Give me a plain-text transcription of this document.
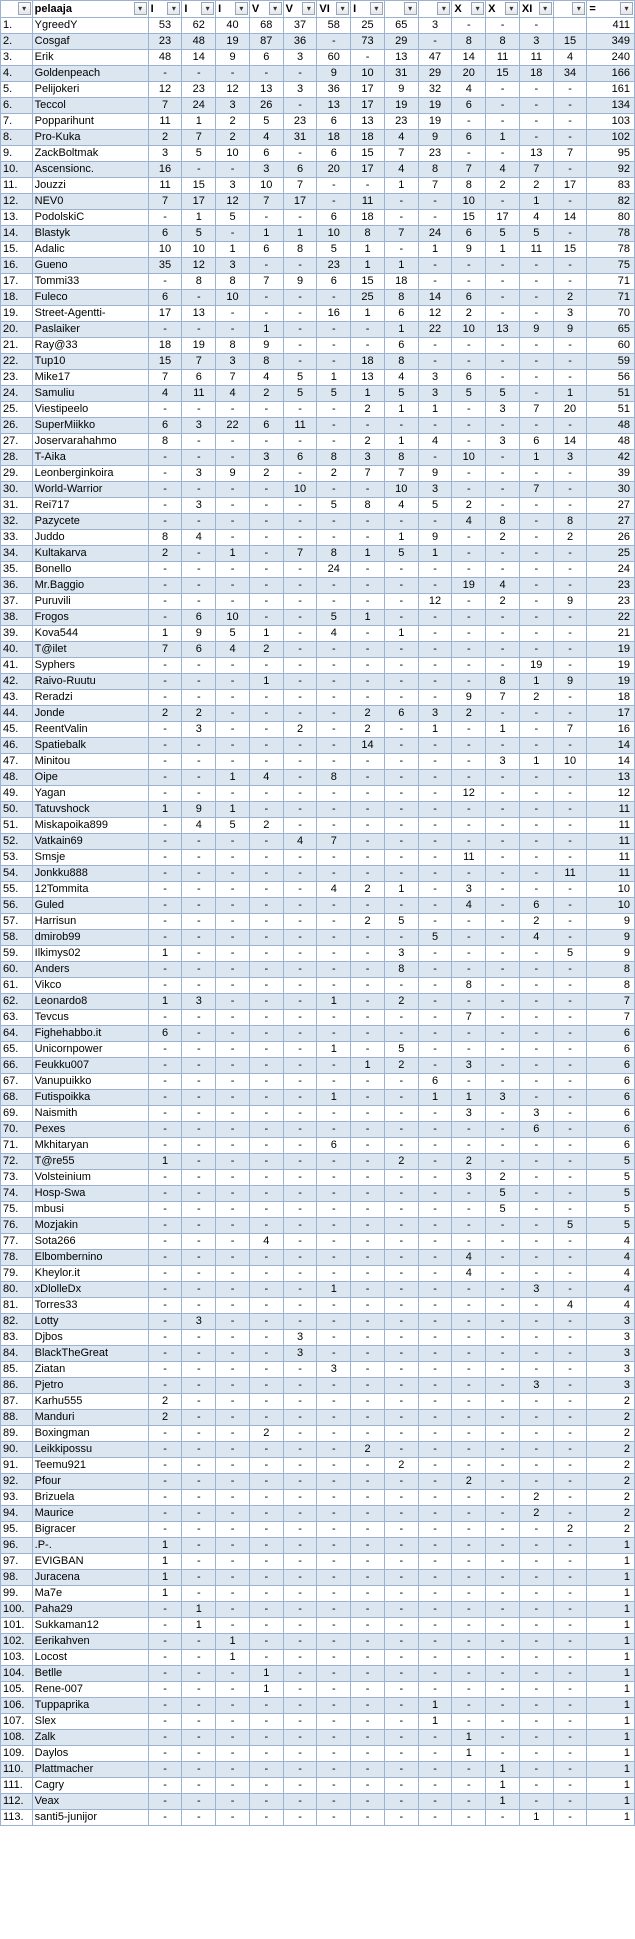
▾	pelaaja ▾	I ▾	I ▾	I ▾	V ▾	V ▾	VI ▾	I ▾	▾	▾	X ▾	X ▾	XI ▾	▾	= ▾

1.	YgreedY	53	62	40	68	37	58	25	65	3	-	-	-		411
2.	Cosgaf	23	48	19	87	36	-	73	29	-	8	8	3	15	349
3.	Erik	48	14	9	6	3	60	-	13	47	14	11	11	4	240
4.	Goldenpeach	-	-	-	-	-	9	10	31	29	20	15	18	34	166
5.	Pelijokeri	12	23	12	13	3	36	17	9	32	4	-	-	-	161
6.	Teccol	7	24	3	26	-	13	17	19	19	6	-	-	-	134
7.	Popparihunt	11	1	2	5	23	6	13	23	19	-	-	-	-	103
8.	Pro-Kuka	2	7	2	4	31	18	18	4	9	6	1	-	-	102
9.	ZackBoltmak	3	5	10	6	-	6	15	7	23	-	-	13	7	95
10.	Ascensionc.	16	-	-	3	6	20	17	4	8	7	4	7	-	92
11.	Jouzzi	11	15	3	10	7	-	-	1	7	8	2	2	17	83
12.	NEV0	7	17	12	7	17	-	11	-	-	10	-	1	-	82
13.	PodolskiC	-	1	5	-	-	6	18	-	-	15	17	4	14	80
14.	Blastyk	6	5	-	1	1	10	8	7	24	6	5	5	-	78
15.	Adalic	10	10	1	6	8	5	1	-	1	9	1	11	15	78
16.	Gueno	35	12	3	-	-	23	1	1	-	-	-	-	-	75
17.	Tommi33	-	8	8	7	9	6	15	18	-	-	-	-	-	71
18.	Fuleco	6	-	10	-	-	-	25	8	14	6	-	-	2	71
19.	Street-Agentti-	17	13	-	-	-	16	1	6	12	2	-	-	3	70
20.	Paslaiker	-	-	-	1	-	-	-	1	22	10	13	9	9	65
21.	Ray@33	18	19	8	9	-	-	-	6	-	-	-	-	-	60
22.	Tup10	15	7	3	8	-	-	18	8	-	-	-	-	-	59
23.	Mike17	7	6	7	4	5	1	13	4	3	6	-	-	-	56
24.	Samuliu	4	11	4	2	5	5	1	5	3	5	5	-	1	51
25.	Viestipeelo	-	-	-	-	-	-	2	1	1	-	3	7	20	51
26.	SuperMiikko	6	3	22	6	11	-	-	-	-	-	-	-	-	48
27.	Joservarahahmo	8	-	-	-	-	-	2	1	4	-	3	6	14	48
28.	T-Aika	-	-	-	3	6	8	3	8	-	10	-	1	3	42
29.	Leonberginkoira	-	3	9	2	-	2	7	7	9	-	-	-	-	39
30.	World-Warrior	-	-	-	-	10	-	-	10	3	-	-	7	-	30
31.	Rei717	-	3	-	-	-	5	8	4	5	2	-	-	-	27
32.	Pazycete	-	-	-	-	-	-	-	-	-	4	8	-	8	27
33.	Juddo	8	4	-	-	-	-	-	1	9	-	2	-	2	26
34.	Kultakarva	2	-	1	-	7	8	1	5	1	-	-	-	-	25
35.	Bonello	-	-	-	-	-	24	-	-	-	-	-	-	-	24
36.	Mr.Baggio	-	-	-	-	-	-	-	-	-	19	4	-	-	23
37.	Puruvili	-	-	-	-	-	-	-	-	12	-	2	-	9	23
38.	Frogos	-	6	10	-	-	5	1	-	-	-	-	-	-	22
39.	Kova544	1	9	5	1	-	4	-	1	-	-	-	-	-	21
40.	T@ilet	7	6	4	2	-	-	-	-	-	-	-	-	-	19
41.	Syphers	-	-	-	-	-	-	-	-	-	-	-	19	-	19
42.	Raivo-Ruutu	-	-	-	1	-	-	-	-	-	-	8	1	9	19
43.	Reradzi	-	-	-	-	-	-	-	-	-	9	7	2	-	18
44.	Jonde	2	2	-	-	-	-	2	6	3	2	-	-	-	17
45.	ReentValin	-	3	-	-	2	-	2	-	1	-	1	-	7	16
46.	Spatiebalk	-	-	-	-	-	-	14	-	-	-	-	-	-	14
47.	Minitou	-	-	-	-	-	-	-	-	-	-	3	1	10	14
48.	Oipe	-	-	1	4	-	8	-	-	-	-	-	-	-	13
49.	Yagan	-	-	-	-	-	-	-	-	-	12	-	-	-	12
50.	Tatuvshock	1	9	1	-	-	-	-	-	-	-	-	-	-	11
51.	Miskapoika899	-	4	5	2	-	-	-	-	-	-	-	-	-	11
52.	Vatkain69	-	-	-	-	4	7	-	-	-	-	-	-	-	11
53.	Smsje	-	-	-	-	-	-	-	-	-	11	-	-	-	11
54.	Jonkku888	-	-	-	-	-	-	-	-	-	-	-	-	11	11
55.	12Tommita	-	-	-	-	-	4	2	1	-	3	-	-	-	10
56.	Guled	-	-	-	-	-	-	-	-	-	4	-	6	-	10
57.	Harrisun	-	-	-	-	-	-	2	5	-	-	-	2	-	9
58.	dmirob99	-	-	-	-	-	-	-	-	5	-	-	4	-	9
59.	Ilkimys02	1	-	-	-	-	-	-	3	-	-	-	-	5	9
60.	Anders	-	-	-	-	-	-	-	8	-	-	-	-	-	8
61.	Vikco	-	-	-	-	-	-	-	-	-	8	-	-	-	8
62.	Leonardo8	1	3	-	-	-	1	-	2	-	-	-	-	-	7
63.	Tevcus	-	-	-	-	-	-	-	-	-	7	-	-	-	7
64.	Fighehabbo.it	6	-	-	-	-	-	-	-	-	-	-	-	-	6
65.	Unicornpower	-	-	-	-	-	1	-	5	-	-	-	-	-	6
66.	Feukku007	-	-	-	-	-	-	1	2	-	3	-	-	-	6
67.	Vanupuikko	-	-	-	-	-	-	-	-	6	-	-	-	-	6
68.	Futispoikka	-	-	-	-	-	1	-	-	1	1	3	-	-	6
69.	Naismith	-	-	-	-	-	-	-	-	-	3	-	3	-	6
70.	Pexes	-	-	-	-	-	-	-	-	-	-	-	6	-	6
71.	Mkhitaryan	-	-	-	-	-	6	-	-	-	-	-	-	-	6
72.	T@re55	1	-	-	-	-	-	-	2	-	2	-	-	-	5
73.	Volsteinium	-	-	-	-	-	-	-	-	-	3	2	-	-	5
74.	Hosp-Swa	-	-	-	-	-	-	-	-	-	-	5	-	-	5
75.	mbusi	-	-	-	-	-	-	-	-	-	-	5	-	-	5
76.	Mozjakin	-	-	-	-	-	-	-	-	-	-	-	-	5	5
77.	Sota266	-	-	-	4	-	-	-	-	-	-	-	-	-	4
78.	Elbombernino	-	-	-	-	-	-	-	-	-	4	-	-	-	4
79.	Kheylor.it	-	-	-	-	-	-	-	-	-	4	-	-	-	4
80.	xDlolleDx	-	-	-	-	-	1	-	-	-	-	-	3	-	4
81.	Torres33	-	-	-	-	-	-	-	-	-	-	-	-	4	4
82.	Lotty	-	3	-	-	-	-	-	-	-	-	-	-	-	3
83.	Djbos	-	-	-	-	3	-	-	-	-	-	-	-	-	3
84.	BlackTheGreat	-	-	-	-	3	-	-	-	-	-	-	-	-	3
85.	Ziatan	-	-	-	-	-	3	-	-	-	-	-	-	-	3
86.	Pjetro	-	-	-	-	-	-	-	-	-	-	-	3	-	3
87.	Karhu555	2	-	-	-	-	-	-	-	-	-	-	-	-	2
88.	Manduri	2	-	-	-	-	-	-	-	-	-	-	-	-	2
89.	Boxingman	-	-	-	2	-	-	-	-	-	-	-	-	-	2
90.	Leikkipossu	-	-	-	-	-	-	2	-	-	-	-	-	-	2
91.	Teemu921	-	-	-	-	-	-	-	2	-	-	-	-	-	2
92.	Pfour	-	-	-	-	-	-	-	-	-	2	-	-	-	2
93.	Brizuela	-	-	-	-	-	-	-	-	-	-	-	2	-	2
94.	Maurice	-	-	-	-	-	-	-	-	-	-	-	2	-	2
95.	Bigracer	-	-	-	-	-	-	-	-	-	-	-	-	2	2
96.	.P-.	1	-	-	-	-	-	-	-	-	-	-	-	-	1
97.	EVIGBAN	1	-	-	-	-	-	-	-	-	-	-	-	-	1
98.	Juracena	1	-	-	-	-	-	-	-	-	-	-	-	-	1
99.	Ma7e	1	-	-	-	-	-	-	-	-	-	-	-	-	1
100.	Paha29	-	1	-	-	-	-	-	-	-	-	-	-	-	1
101.	Sukkaman12	-	1	-	-	-	-	-	-	-	-	-	-	-	1
102.	Eerikahven	-	-	1	-	-	-	-	-	-	-	-	-	-	1
103.	Locost	-	-	1	-	-	-	-	-	-	-	-	-	-	1
104.	Betlle	-	-	-	1	-	-	-	-	-	-	-	-	-	1
105.	Rene-007	-	-	-	1	-	-	-	-	-	-	-	-	-	1
106.	Tuppaprika	-	-	-	-	-	-	-	-	1	-	-	-	-	1
107.	Slex	-	-	-	-	-	-	-	-	1	-	-	-	-	1
108.	Zalk	-	-	-	-	-	-	-	-	-	1	-	-	-	1
109.	Daylos	-	-	-	-	-	-	-	-	-	1	-	-	-	1
110.	Plattmacher	-	-	-	-	-	-	-	-	-	-	1	-	-	1
111.	Cagry	-	-	-	-	-	-	-	-	-	-	1	-	-	1
112.	Veax	-	-	-	-	-	-	-	-	-	-	1	-	-	1
113.	santi5-junijor	-	-	-	-	-	-	-	-	-	-	-	1	-	1
